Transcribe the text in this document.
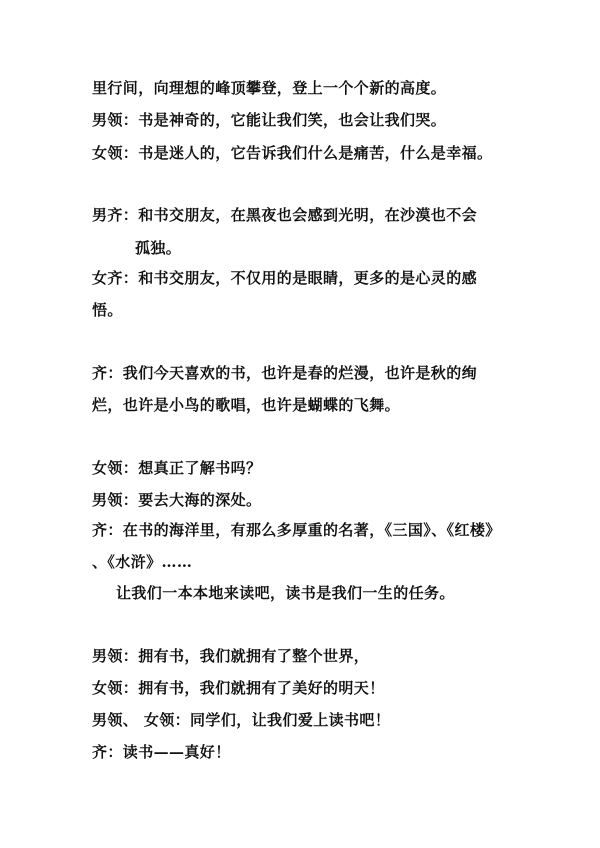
里行间，向理想的峰顶攀登，登上一个个新的高度。
男领：书是神奇的，它能让我们笑，也会让我们哭。
女领：书是迷人的，它告诉我们什么是痛苦，什么是幸福。
男齐：和书交朋友，在黑夜也会感到光明，在沙漠也不会
孤独。
女齐：和书交朋友，不仅用的是眼睛，更多的是心灵的感
悟。
齐：我们今天喜欢的书，也许是春的烂漫，也许是秋的绚
烂，也许是小鸟的歌唱，也许是蝴蝶的飞舞。
女领：想真正了解书吗？
男领：要去大海的深处。
齐：在书的海洋里，有那么多厚重的名著，《三国》、《红楼》
、《水浒》……
让我们一本本地来读吧，读书是我们一生的任务。
男领：拥有书，我们就拥有了整个世界，
女领：拥有书，我们就拥有了美好的明天！
男领、 女领：同学们，让我们爱上读书吧！
齐：读书——真好！
